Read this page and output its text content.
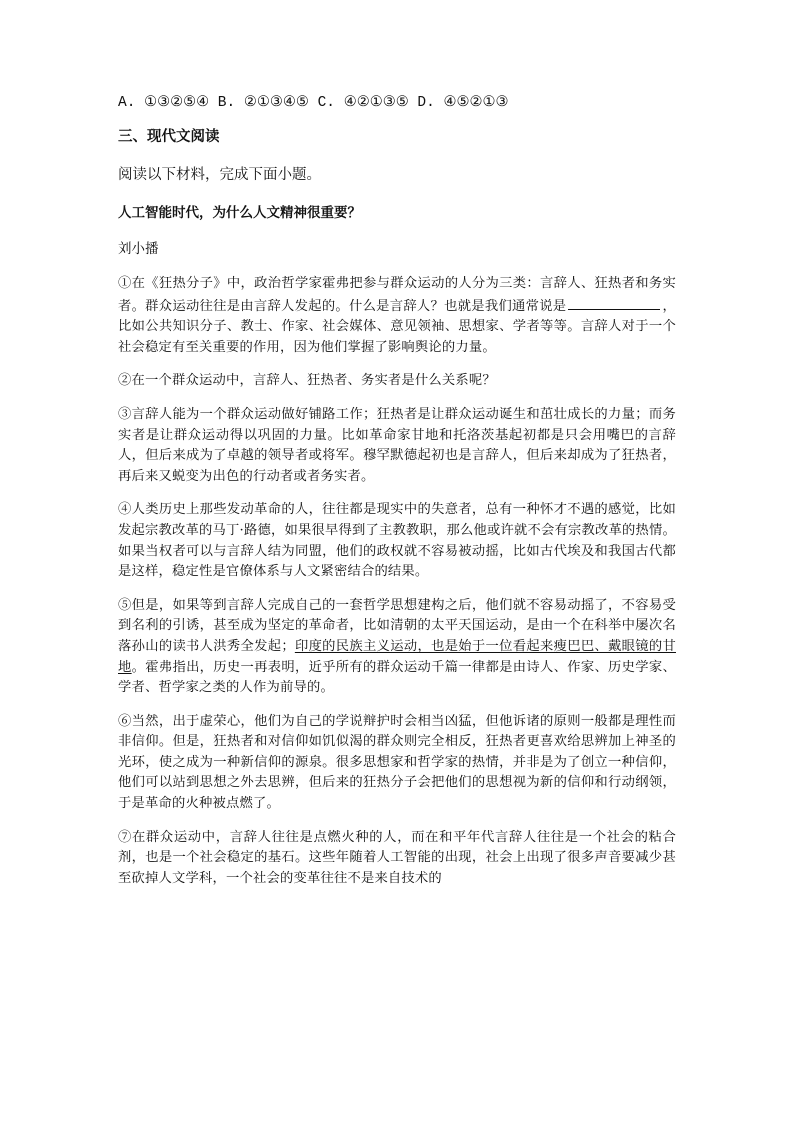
A. ①③②⑤④ B. ②①③④⑤ C. ④②①③⑤ D. ④⑤②①③

三、现代文阅读

阅读以下材料，完成下面小题。

人工智能时代，为什么人文精神很重要？

刘小播

①在《狂热分子》中，政治哲学家霍弗把参与群众运动的人分为三类：言辞人、狂热者和务实者。群众运动往往是由言辞人发起的。什么是言辞人？也就是我们通常说是	，比如公共知识分子、教士、作家、社会媒体、意见领袖、思想家、学者等等。言辞人对于一个社会稳定有至关重要的作用，因为他们掌握了影响舆论的力量。

②在一个群众运动中，言辞人、狂热者、务实者是什么关系呢？

③言辞人能为一个群众运动做好铺路工作；狂热者是让群众运动诞生和茁壮成长的力量；而务实者是让群众运动得以巩固的力量。比如革命家甘地和托洛茨基起初都是只会用嘴巴的言辞人，但后来成为了卓越的领导者或将军。穆罕默德起初也是言辞人，但后来却成为了狂热者，再后来又蜕变为出色的行动者或者务实者。

④人类历史上那些发动革命的人，往往都是现实中的失意者，总有一种怀才不遇的感觉，比如发起宗教改革的马丁·路德，如果很早得到了主教教职，那么他或许就不会有宗教改革的热情。如果当权者可以与言辞人结为同盟，他们的政权就不容易被动摇，比如古代埃及和我国古代都是这样，稳定性是官僚体系与人文紧密结合的结果。

⑤但是，如果等到言辞人完成自己的一套哲学思想建构之后，他们就不容易动摇了，不容易受到名利的引诱，甚至成为坚定的革命者，比如清朝的太平天国运动，是由一个在科举中屡次名落孙山的读书人洪秀全发起；印度的民族主义运动，也是始于一位看起来瘦巴巴、戴眼镜的甘地。霍弗指出，历史一再表明，近乎所有的群众运动千篇一律都是由诗人、作家、历史学家、学者、哲学家之类的人作为前导的。

⑥当然，出于虚荣心，他们为自己的学说辩护时会相当凶猛，但他诉诸的原则一般都是理性而非信仰。但是，狂热者和对信仰如饥似渴的群众则完全相反，狂热者更喜欢给思辨加上神圣的光环，使之成为一种新信仰的源泉。很多思想家和哲学家的热情，并非是为了创立一种信仰，他们可以站到思想之外去思辨，但后来的狂热分子会把他们的思想视为新的信仰和行动纲领，于是革命的火种被点燃了。

⑦在群众运动中，言辞人往往是点燃火种的人，而在和平年代言辞人往往是一个社会的粘合剂，也是一个社会稳定的基石。这些年随着人工智能的出现，社会上出现了很多声音要减少甚至砍掉人文学科，一个社会的变革往往不是来自技术的
